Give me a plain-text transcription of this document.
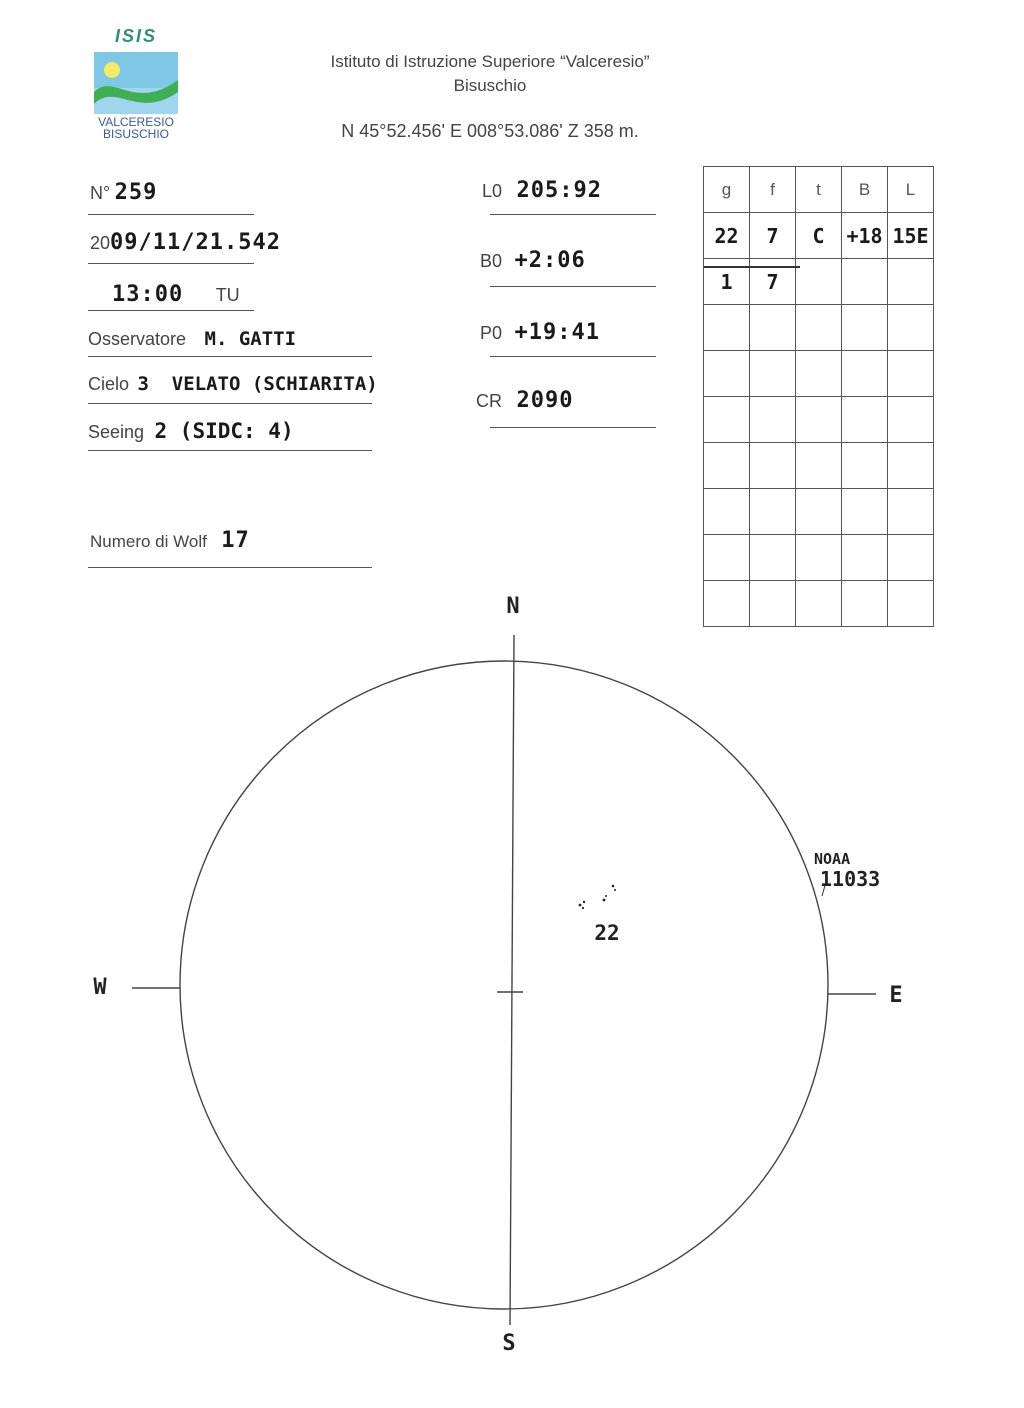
ISIS
VALCERESIO
BISUSCHIO
Istituto di Istruzione Superiore “Valceresio”
Bisuschio
N 45°52.456' E 008°53.086' Z 358 m.
N° 259
2009/11/21.542
13:00 TU
Osservatore M. GATTI
Cielo 3  VELATO (SCHIARITA)
Seeing 2 (SIDC: 4)
Numero di Wolf 17
L0 205:92
B0 +2:06
P0 +19:41
CR 2090
g	f	t	B	L
22	7	C	+18	15E
1	7			

N
S
E
W
22
NOAA
11033
